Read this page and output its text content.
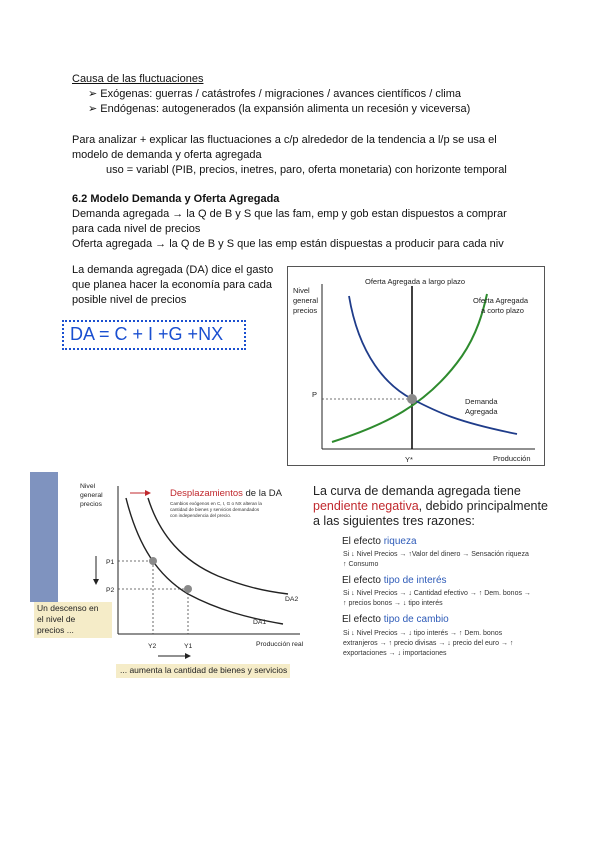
Causa de las fluctuaciones
➢ Exógenas: guerras / catástrofes / migraciones / avances científicos / clima
➢ Endógenas: autogenerados (la expansión alimenta un recesión y viceversa)
Para analizar + explicar las fluctuaciones a c/p alrededor de la tendencia a l/p se usa el
modelo de demanda y oferta agregada
uso = variabl (PIB, precios, inetres, paro, oferta monetaria) con horizonte temporal
6.2 Modelo Demanda y Oferta Agregada
Demanda agregada → la Q de B y S que las fam, emp y gob estan dispuestos a comprar
para cada nivel de precios
Oferta agregada → la Q de B y S que las emp están dispuestas a producir para cada niv
La demanda agregada (DA) dice el gasto
que planea hacer la economía para cada
posible nivel de precios
DA = C + I +G +NX
Nivel
general
precios
Producción
Oferta Agregada a largo plazo
Oferta Agregada
a corto plazo
Demanda
Agregada
P
Y*
Nivel
general
precios
Producción real
Desplazamientos de la DA
Cambios exógenos en C, I, G o NX alteran la
cantidad de bienes y servicios demandados
con independencia del precio.
P1
P2
Y2	Y1
DA2
DA1
Un descenso en
el nivel de
precios ...
... aumenta la cantidad de bienes y servicios
La curva de demanda agregada tiene
pendiente negativa, debido principalmente
a las siguientes tres razones:
El efecto riqueza
Si ↓ Nivel Precios → ↑Valor del dinero → Sensación riqueza
↑ Consumo
El efecto tipo de interés
Si ↓ Nivel Precios → ↓ Cantidad efectivo → ↑ Dem. bonos →
↑ precios bonos → ↓ tipo interés
El efecto tipo de cambio
Si ↓ Nivel Precios → ↓ tipo interés → ↑ Dem. bonos
extranjeros → ↑ precio divisas → ↓ precio del euro → ↑
exportaciones → ↓ importaciones
